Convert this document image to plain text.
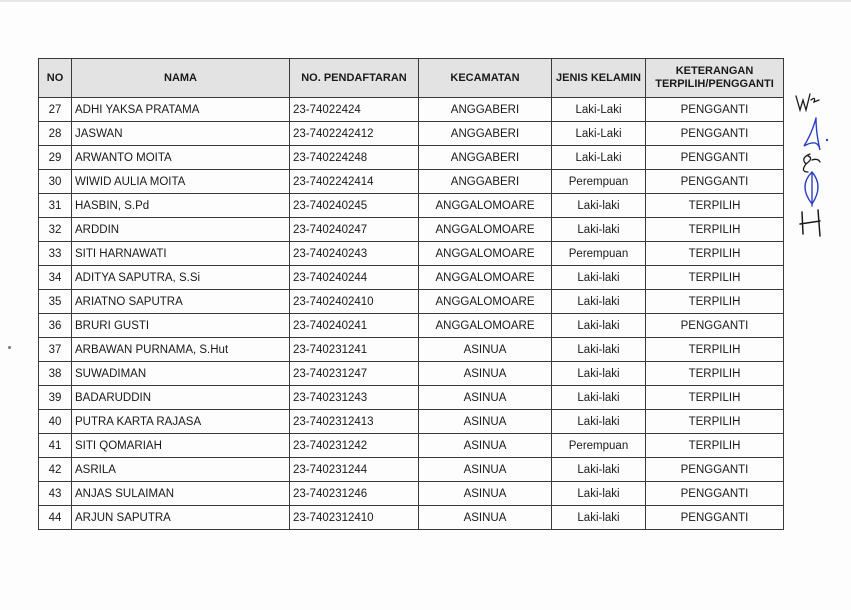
NO	NAMA	NO. PENDAFTARAN	KECAMATAN	JENIS KELAMIN	KETERANGAN
TERPILIH/PENGGANTI
27	ADHI YAKSA PRATAMA	23-74022424	ANGGABERI	Laki-Laki	PENGGANTI
28	JASWAN	23-7402242412	ANGGABERI	Laki-Laki	PENGGANTI
29	ARWANTO MOITA	23-740224248	ANGGABERI	Laki-Laki	PENGGANTI
30	WIWID AULIA MOITA	23-7402242414	ANGGABERI	Perempuan	PENGGANTI
31	HASBIN, S.Pd	23-740240245	ANGGALOMOARE	Laki-laki	TERPILIH
32	ARDDIN	23-740240247	ANGGALOMOARE	Laki-laki	TERPILIH
33	SITI HARNAWATI	23-740240243	ANGGALOMOARE	Perempuan	TERPILIH
34	ADITYA SAPUTRA, S.Si	23-740240244	ANGGALOMOARE	Laki-laki	TERPILIH
35	ARIATNO SAPUTRA	23-7402402410	ANGGALOMOARE	Laki-laki	TERPILIH
36	BRURI GUSTI	23-740240241	ANGGALOMOARE	Laki-laki	PENGGANTI
37	ARBAWAN PURNAMA, S.Hut	23-740231241	ASINUA	Laki-laki	TERPILIH
38	SUWADIMAN	23-740231247	ASINUA	Laki-laki	TERPILIH
39	BADARUDDIN	23-740231243	ASINUA	Laki-laki	TERPILIH
40	PUTRA KARTA RAJASA	23-7402312413	ASINUA	Laki-laki	TERPILIH
41	SITI QOMARIAH	23-740231242	ASINUA	Perempuan	TERPILIH
42	ASRILA	23-740231244	ASINUA	Laki-laki	PENGGANTI
43	ANJAS SULAIMAN	23-740231246	ASINUA	Laki-laki	PENGGANTI
44	ARJUN SAPUTRA	23-7402312410	ASINUA	Laki-laki	PENGGANTI
